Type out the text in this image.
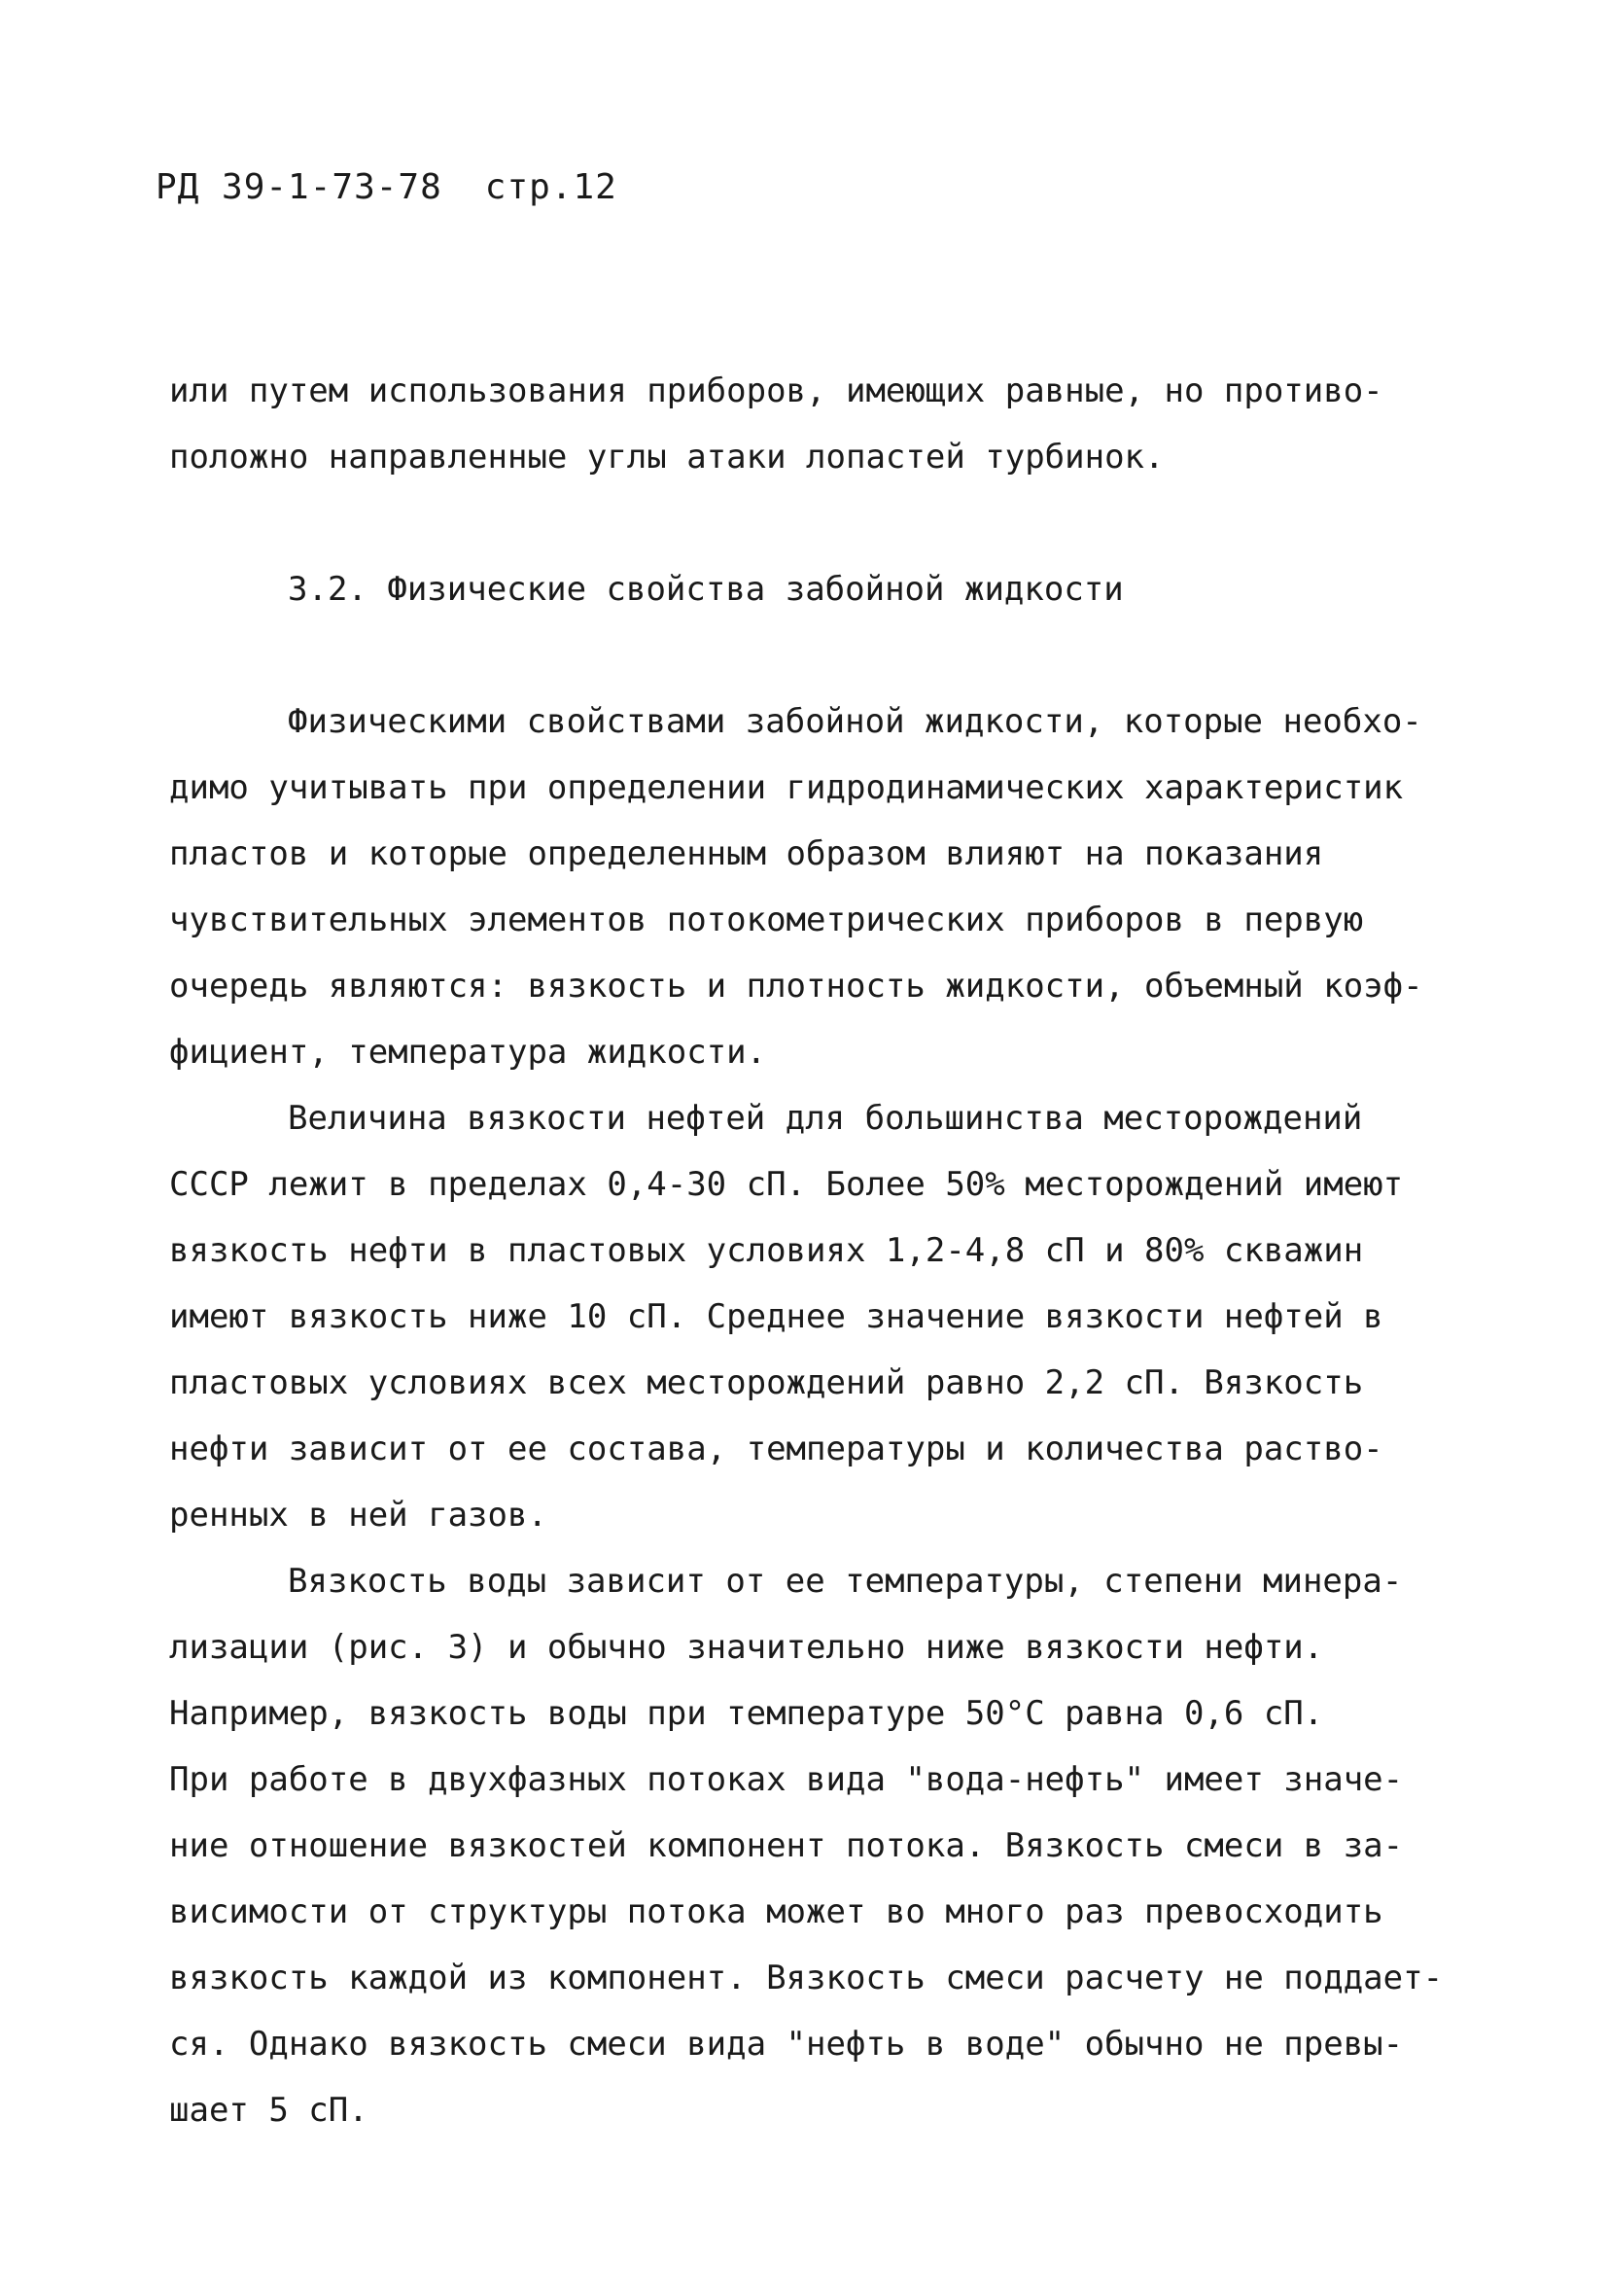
РД 39-1-73-78 стр.12
или путем использования приборов, имеющих равные, но противо-
положно направленные углы атаки лопастей турбинок.
3.2. Физические свойства забойной жидкости
Физическими свойствами забойной жидкости, которые необхо-
димо учитывать при определении гидродинамических характеристик
пластов и которые определенным образом влияют на показания
чувствительных элементов потокометрических приборов в первую
очередь являются: вязкость и плотность жидкости, объемный коэф-
фициент, температура жидкости.
Величина вязкости нефтей для большинства месторождений
СССР лежит в пределах 0,4-30 сП. Более 50% месторождений имеют
вязкость нефти в пластовых условиях 1,2-4,8 сП и 80% скважин
имеют вязкость ниже 10 сП. Среднее значение вязкости нефтей в
пластовых условиях всех месторождений равно 2,2 сП. Вязкость
нефти зависит от ее состава, температуры и количества раство-
ренных в ней газов.
Вязкость воды зависит от ее температуры, степени минера-
лизации (рис. 3) и обычно значительно ниже вязкости нефти.
Например, вязкость воды при температуре 50°С равна 0,6 сП.
При работе в двухфазных потоках вида "вода-нефть" имеет значе-
ние отношение вязкостей компонент потока. Вязкость смеси в за-
висимости от структуры потока может во много раз превосходить
вязкость каждой из компонент. Вязкость смеси расчету не поддает-
ся. Однако вязкость смеси вида "нефть в воде" обычно не превы-
шает 5 сП.
